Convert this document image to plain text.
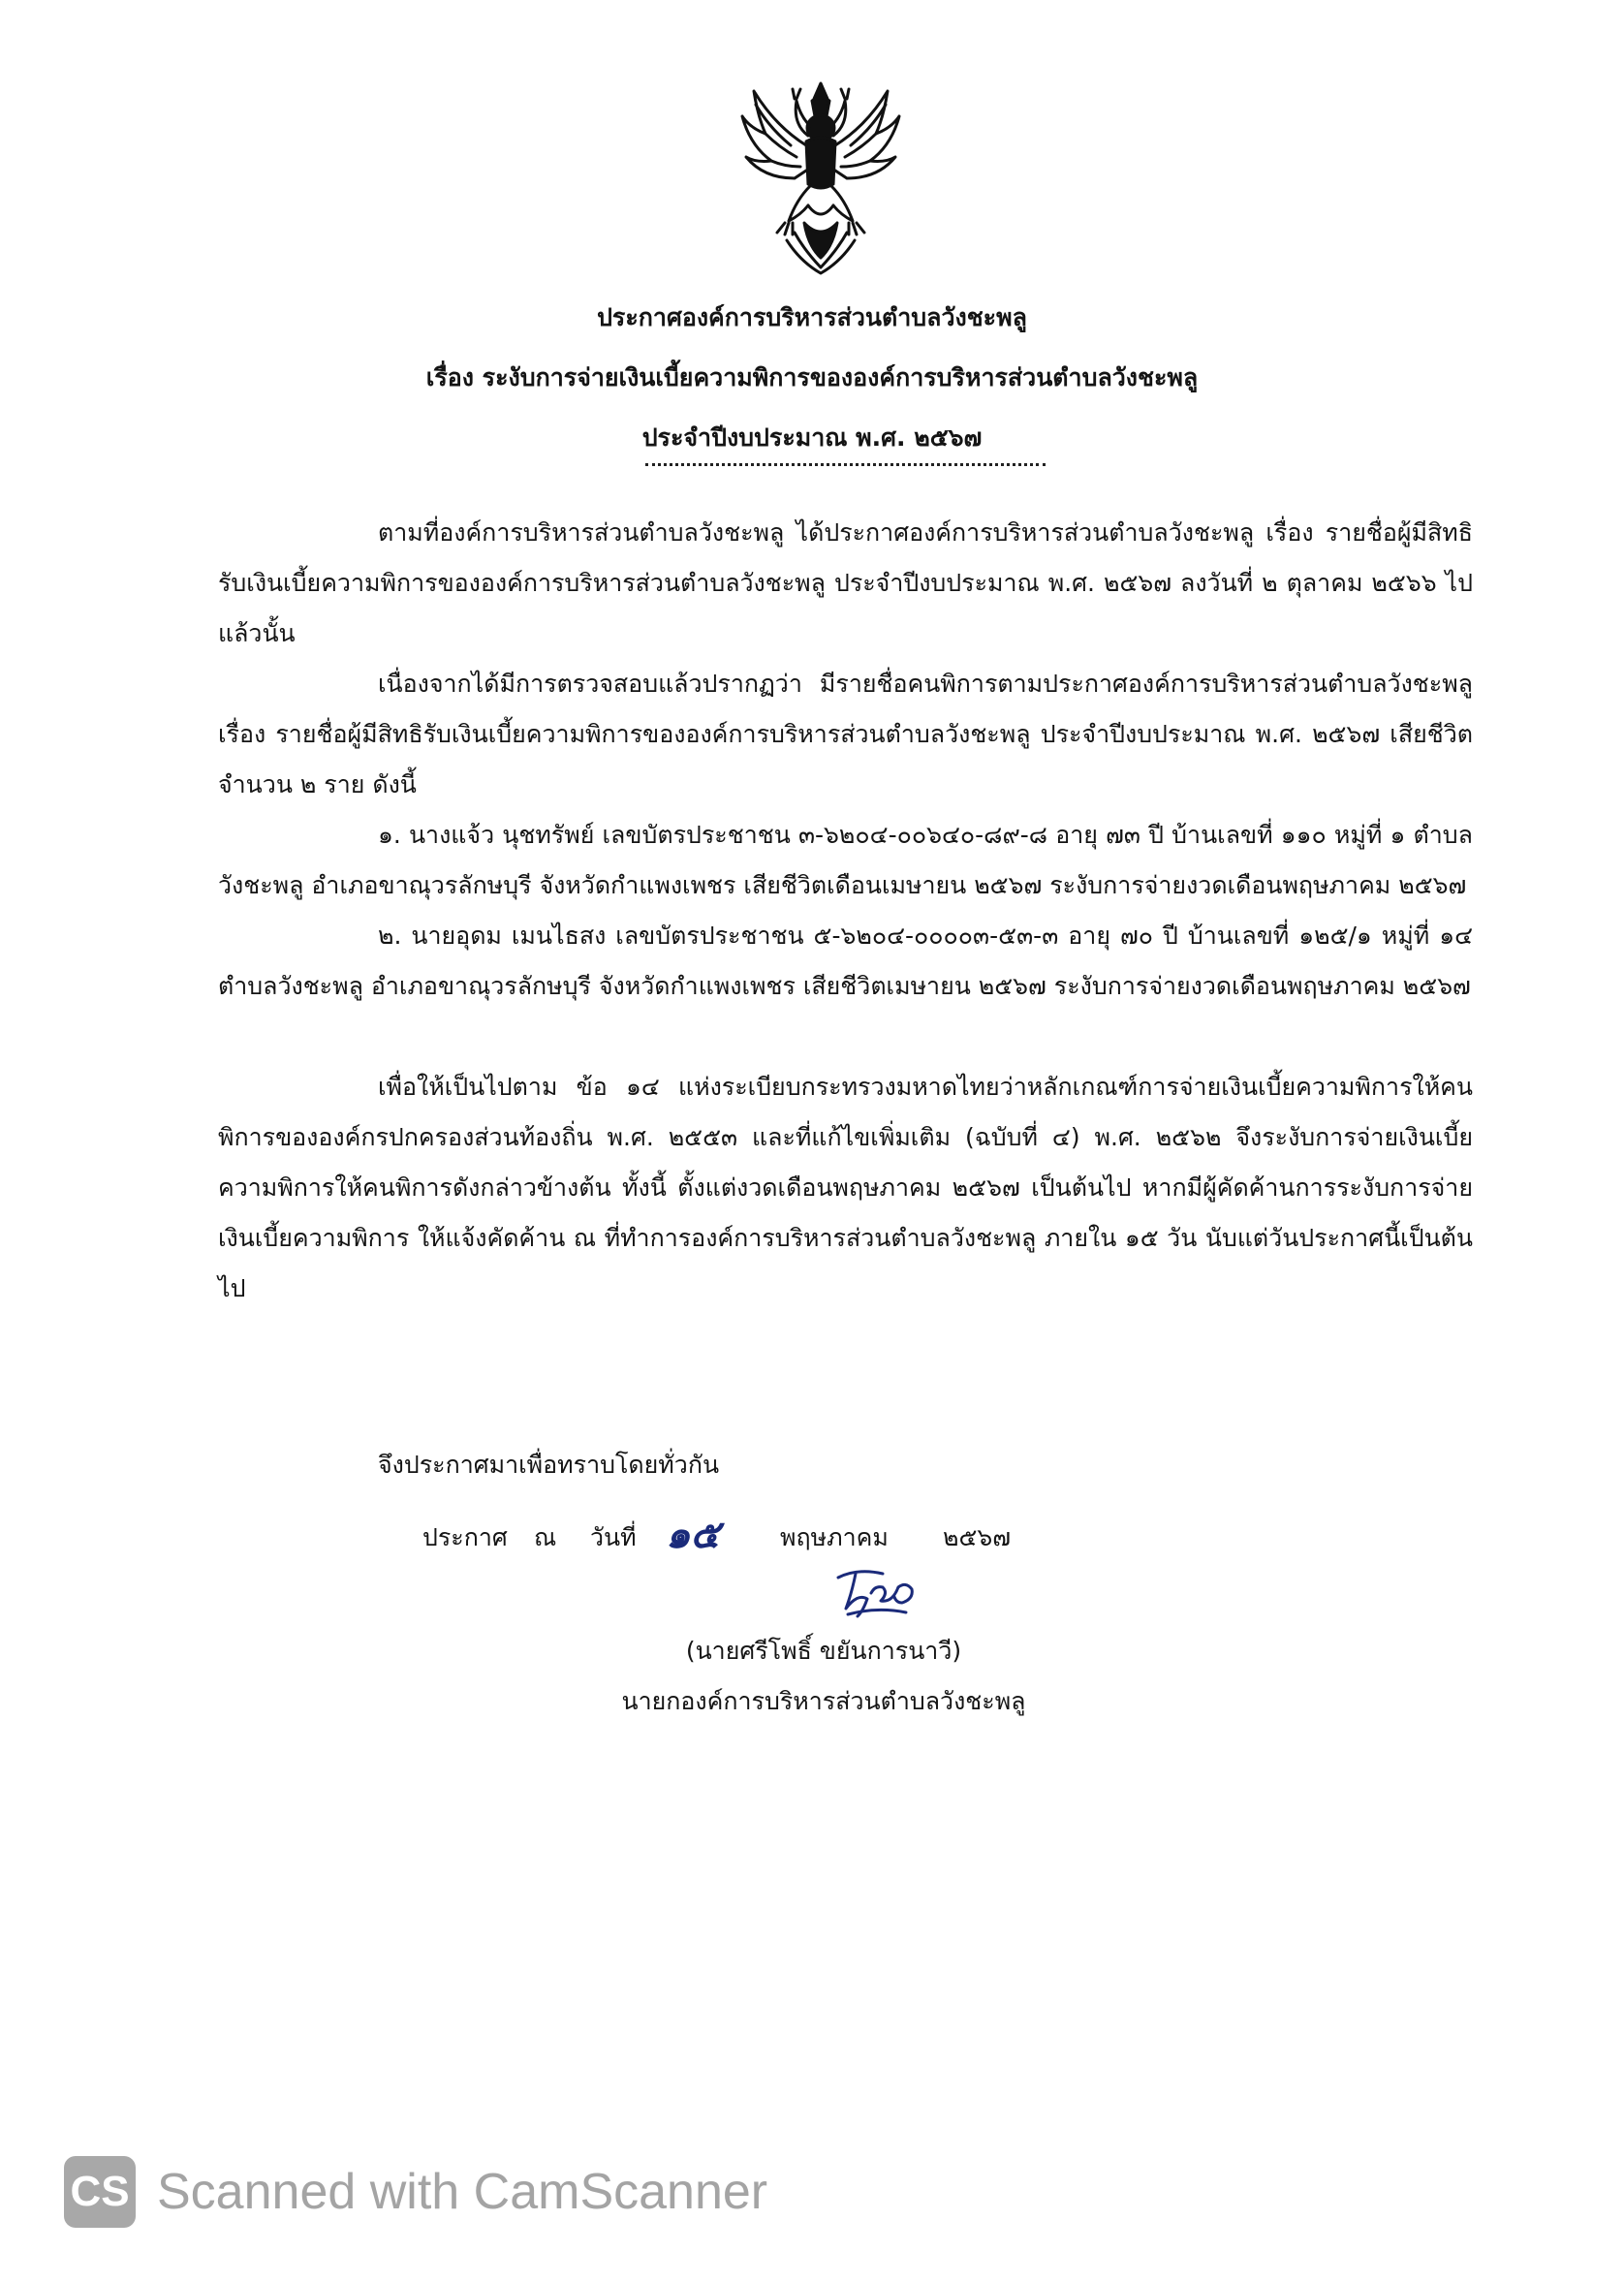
ประกาศองค์การบริหารส่วนตำบลวังชะพลู
เรื่อง ระงับการจ่ายเงินเบี้ยความพิการขององค์การบริหารส่วนตำบลวังชะพลู
ประจำปีงบประมาณ พ.ศ. ๒๕๖๗

ตามที่องค์การบริหารส่วนตำบลวังชะพลู ได้ประกาศองค์การบริหารส่วนตำบลวังชะพลู เรื่อง รายชื่อผู้มีสิทธิรับเงินเบี้ยความพิการขององค์การบริหารส่วนตำบลวังชะพลู ประจำปีงบประมาณ พ.ศ. ๒๕๖๗ ลงวันที่ ๒ ตุลาคม ๒๕๖๖ ไปแล้วนั้น

เนื่องจากได้มีการตรวจสอบแล้วปรากฏว่า มีรายชื่อคนพิการตามประกาศองค์การบริหารส่วนตำบลวังชะพลู เรื่อง รายชื่อผู้มีสิทธิรับเงินเบี้ยความพิการขององค์การบริหารส่วนตำบลวังชะพลู ประจำปีงบประมาณ พ.ศ. ๒๕๖๗ เสียชีวิต จำนวน ๒ ราย ดังนี้

๑. นางแจ้ว นุชทรัพย์ เลขบัตรประชาชน ๓-๖๒๐๔-๐๐๖๔๐-๘๙-๘ อายุ ๗๓ ปี บ้านเลขที่ ๑๑๐ หมู่ที่ ๑ ตำบลวังชะพลู อำเภอขาณุวรลักษบุรี จังหวัดกำแพงเพชร เสียชีวิตเดือนเมษายน ๒๕๖๗ ระงับการจ่ายงวดเดือนพฤษภาคม ๒๕๖๗

๒. นายอุดม เมนไธสง เลขบัตรประชาชน ๕-๖๒๐๔-๐๐๐๐๓-๕๓-๓ อายุ ๗๐ ปี บ้านเลขที่ ๑๒๕/๑ หมู่ที่ ๑๔ ตำบลวังชะพลู อำเภอขาณุวรลักษบุรี จังหวัดกำแพงเพชร เสียชีวิตเมษายน ๒๕๖๗ ระงับการจ่ายงวดเดือนพฤษภาคม ๒๕๖๗

เพื่อให้เป็นไปตาม ข้อ ๑๔ แห่งระเบียบกระทรวงมหาดไทยว่าหลักเกณฑ์การจ่ายเงินเบี้ยความพิการให้คนพิการขององค์กรปกครองส่วนท้องถิ่น พ.ศ. ๒๕๕๓ และที่แก้ไขเพิ่มเติม (ฉบับที่ ๔) พ.ศ. ๒๕๖๒ จึงระงับการจ่ายเงินเบี้ยความพิการให้คนพิการดังกล่าวข้างต้น ทั้งนี้ ตั้งแต่งวดเดือนพฤษภาคม ๒๕๖๗ เป็นต้นไป หากมีผู้คัดค้านการระงับการจ่ายเงินเบี้ยความพิการ ให้แจ้งคัดค้าน ณ ที่ทำการองค์การบริหารส่วนตำบลวังชะพลู ภายใน ๑๕ วัน นับแต่วันประกาศนี้เป็นต้นไป

จึงประกาศมาเพื่อทราบโดยทั่วกัน
ประกาศ ณ วันที่ ๑๕ พฤษภาคม ๒๕๖๗
(นายศรีโพธิ์ ขยันการนาวี)
นายกองค์การบริหารส่วนตำบลวังชะพลู
CS Scanned with CamScanner
